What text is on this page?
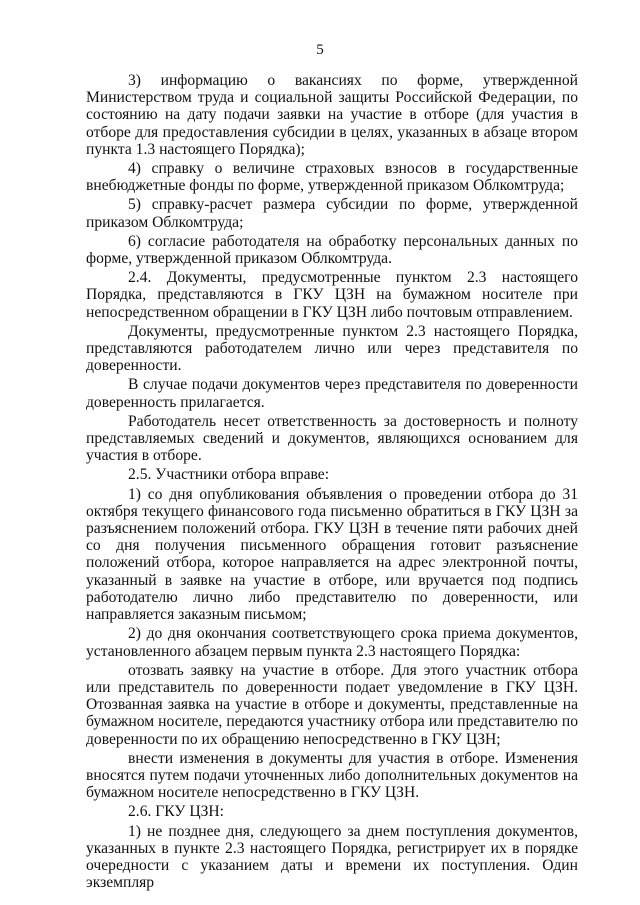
5

3) информацию о вакансиях по форме, утвержденной Министерством труда и социальной защиты Российской Федерации, по состоянию на дату подачи заявки на участие в отборе (для участия в отборе для предоставления субсидии в целях, указанных в абзаце втором пункта 1.3 настоящего Порядка);

4) справку о величине страховых взносов в государственные внебюджетные фонды по форме, утвержденной приказом Облкомтруда;

5) справку-расчет размера субсидии по форме, утвержденной приказом Облкомтруда;

6) согласие работодателя на обработку персональных данных по форме, утвержденной приказом Облкомтруда.

2.4. Документы, предусмотренные пунктом 2.3 настоящего Порядка, представляются в ГКУ ЦЗН на бумажном носителе при непосредственном обращении в ГКУ ЦЗН либо почтовым отправлением.

Документы, предусмотренные пунктом 2.3 настоящего Порядка, представляются работодателем лично или через представителя по доверенности.

В случае подачи документов через представителя по доверенности доверенность прилагается.

Работодатель несет ответственность за достоверность и полноту представляемых сведений и документов, являющихся основанием для участия в отборе.

2.5. Участники отбора вправе:

1) со дня опубликования объявления о проведении отбора до 31 октября текущего финансового года письменно обратиться в ГКУ ЦЗН за разъяснением положений отбора. ГКУ ЦЗН в течение пяти рабочих дней со дня получения письменного обращения готовит разъяснение положений отбора, которое направляется на адрес электронной почты, указанный в заявке на участие в отборе, или вручается под подпись работодателю лично либо представителю по доверенности, или направляется заказным письмом;

2) до дня окончания соответствующего срока приема документов, установленного абзацем первым пункта 2.3 настоящего Порядка:

отозвать заявку на участие в отборе. Для этого участник отбора или представитель по доверенности подает уведомление в ГКУ ЦЗН. Отозванная заявка на участие в отборе и документы, представленные на бумажном носителе, передаются участнику отбора или представителю по доверенности по их обращению непосредственно в ГКУ ЦЗН;

внести изменения в документы для участия в отборе. Изменения вносятся путем подачи уточненных либо дополнительных документов на бумажном носителе непосредственно в ГКУ ЦЗН.

2.6. ГКУ ЦЗН:

1) не позднее дня, следующего за днем поступления документов, указанных в пункте 2.3 настоящего Порядка, регистрирует их в порядке очередности с указанием даты и времени их поступления. Один экземпляр
